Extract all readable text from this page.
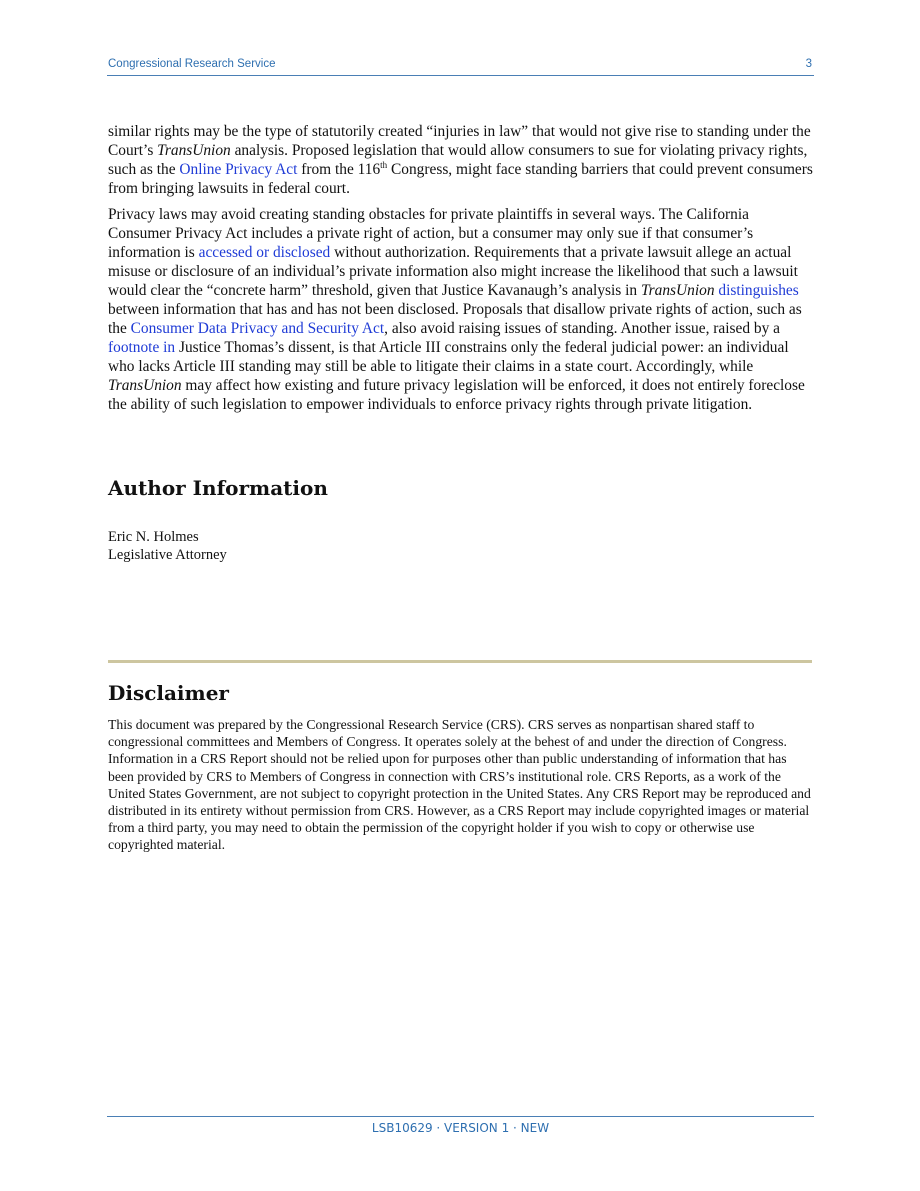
Congressional Research Service	3

similar rights may be the type of statutorily created “injuries in law” that would not give rise to standing under the Court’s TransUnion analysis. Proposed legislation that would allow consumers to sue for violating privacy rights, such as the Online Privacy Act from the 116th Congress, might face standing barriers that could prevent consumers from bringing lawsuits in federal court.

Privacy laws may avoid creating standing obstacles for private plaintiffs in several ways. The California Consumer Privacy Act includes a private right of action, but a consumer may only sue if that consumer’s information is accessed or disclosed without authorization. Requirements that a private lawsuit allege an actual misuse or disclosure of an individual’s private information also might increase the likelihood that such a lawsuit would clear the “concrete harm” threshold, given that Justice Kavanaugh’s analysis in TransUnion distinguishes between information that has and has not been disclosed. Proposals that disallow private rights of action, such as the Consumer Data Privacy and Security Act, also avoid raising issues of standing. Another issue, raised by a footnote in Justice Thomas’s dissent, is that Article III constrains only the federal judicial power: an individual who lacks Article III standing may still be able to litigate their claims in a state court. Accordingly, while TransUnion may affect how existing and future privacy legislation will be enforced, it does not entirely foreclose the ability of such legislation to empower individuals to enforce privacy rights through private litigation.

Author Information
Eric N. Holmes
Legislative Attorney
Disclaimer
This document was prepared by the Congressional Research Service (CRS). CRS serves as nonpartisan shared staff to congressional committees and Members of Congress. It operates solely at the behest of and under the direction of Congress. Information in a CRS Report should not be relied upon for purposes other than public understanding of information that has been provided by CRS to Members of Congress in connection with CRS’s institutional role. CRS Reports, as a work of the United States Government, are not subject to copyright protection in the United States. Any CRS Report may be reproduced and distributed in its entirety without permission from CRS. However, as a CRS Report may include copyrighted images or material from a third party, you may need to obtain the permission of the copyright holder if you wish to copy or otherwise use copyrighted material.
LSB10629 · VERSION 1 · NEW
